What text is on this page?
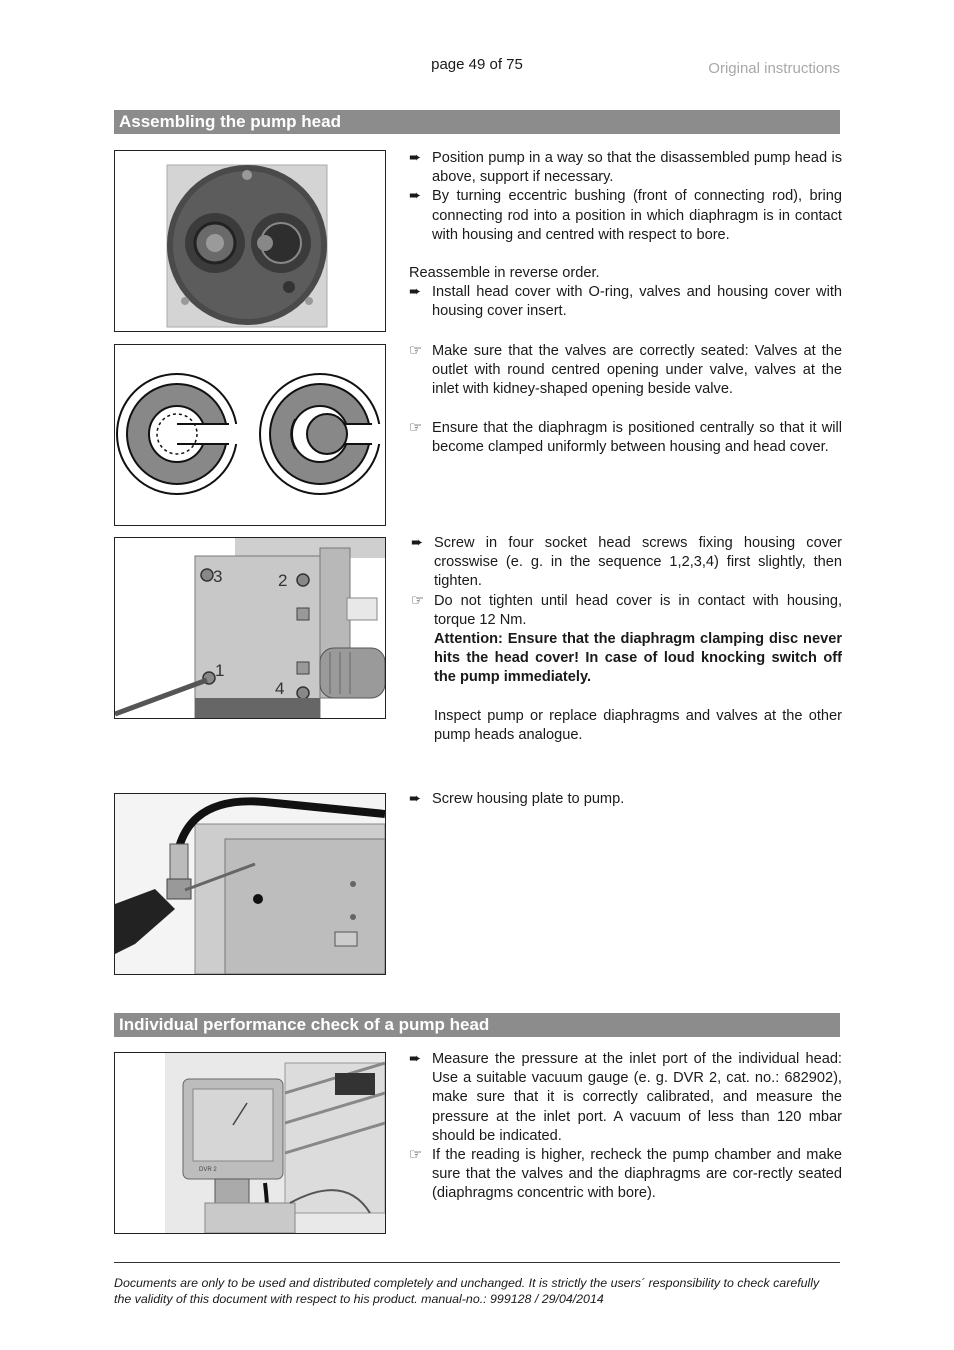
page 49 of 75	Original instructions
Assembling the pump head
➨ Position pump in a way so that the disassembled pump head is above, support if necessary.
➨ By turning eccentric bushing (front of connecting rod), bring connecting rod into a position in which diaphragm is in contact with housing and centred with respect to bore.
Reassemble in reverse order.
➨ Install head cover with O-ring, valves and housing cover with housing cover insert.
☞ Make sure that the valves are correctly seated: Valves at the outlet with round centred opening under valve, valves at the inlet with kidney-shaped opening beside valve.
☞ Ensure that the diaphragm is positioned centrally so that it will become clamped uniformly between housing and head cover.
3	2
1
4
➨ Screw in four socket head screws fixing housing cover crosswise (e. g. in the sequence 1,2,3,4) first slightly, then tighten.
☞ Do not tighten until head cover is in contact with housing, torque 12 Nm.
Attention: Ensure that the diaphragm clamping disc never hits the head cover! In case of loud knocking switch off the pump immediately.
Inspect pump or replace diaphragms and valves at the other pump heads analogue.
➨ Screw housing plate to pump.
Individual performance check of a pump head
DVR 2
➨ Measure the pressure at the inlet port of the individual head: Use a suitable vacuum gauge (e. g. DVR 2, cat. no.: 682902), make sure that it is correctly calibrated, and measure the pressure at the inlet port. A vacuum of less than 120 mbar should be indicated.
☞ If the reading is higher, recheck the pump chamber and make sure that the valves and the diaphragms are cor-rectly seated (diaphragms concentric with bore).
Documents are only to be used and distributed completely and unchanged. It is strictly the users´ responsibility to check carefully
the validity of this document with respect to his product. manual-no.: 999128 / 29/04/2014
